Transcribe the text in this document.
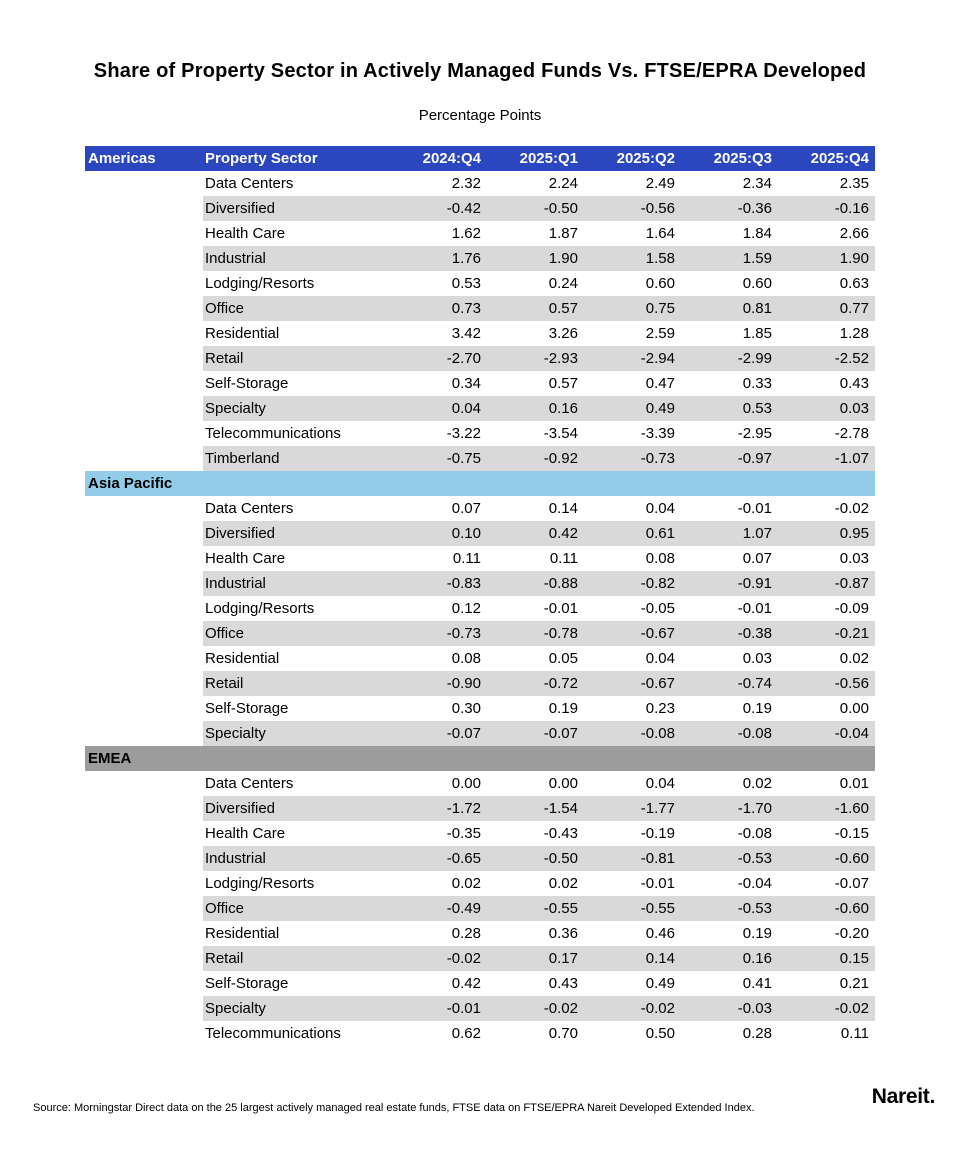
Share of Property Sector in Actively Managed Funds Vs. FTSE/EPRA Developed
Percentage Points
Americas	Property Sector	2024:Q4	2025:Q1	2025:Q2	2025:Q3	2025:Q4
Data Centers	2.32	2.24	2.49	2.34	2.35
Diversified	-0.42	-0.50	-0.56	-0.36	-0.16
Health Care	1.62	1.87	1.64	1.84	2.66
Industrial	1.76	1.90	1.58	1.59	1.90
Lodging/Resorts	0.53	0.24	0.60	0.60	0.63
Office	0.73	0.57	0.75	0.81	0.77
Residential	3.42	3.26	2.59	1.85	1.28
Retail	-2.70	-2.93	-2.94	-2.99	-2.52
Self-Storage	0.34	0.57	0.47	0.33	0.43
Specialty	0.04	0.16	0.49	0.53	0.03
Telecommunications	-3.22	-3.54	-3.39	-2.95	-2.78
Timberland	-0.75	-0.92	-0.73	-0.97	-1.07
Asia Pacific
Data Centers	0.07	0.14	0.04	-0.01	-0.02
Diversified	0.10	0.42	0.61	1.07	0.95
Health Care	0.11	0.11	0.08	0.07	0.03
Industrial	-0.83	-0.88	-0.82	-0.91	-0.87
Lodging/Resorts	0.12	-0.01	-0.05	-0.01	-0.09
Office	-0.73	-0.78	-0.67	-0.38	-0.21
Residential	0.08	0.05	0.04	0.03	0.02
Retail	-0.90	-0.72	-0.67	-0.74	-0.56
Self-Storage	0.30	0.19	0.23	0.19	0.00
Specialty	-0.07	-0.07	-0.08	-0.08	-0.04
EMEA
Data Centers	0.00	0.00	0.04	0.02	0.01
Diversified	-1.72	-1.54	-1.77	-1.70	-1.60
Health Care	-0.35	-0.43	-0.19	-0.08	-0.15
Industrial	-0.65	-0.50	-0.81	-0.53	-0.60
Lodging/Resorts	0.02	0.02	-0.01	-0.04	-0.07
Office	-0.49	-0.55	-0.55	-0.53	-0.60
Residential	0.28	0.36	0.46	0.19	-0.20
Retail	-0.02	0.17	0.14	0.16	0.15
Self-Storage	0.42	0.43	0.49	0.41	0.21
Specialty	-0.01	-0.02	-0.02	-0.03	-0.02
Telecommunications	0.62	0.70	0.50	0.28	0.11
Source: Morningstar Direct data on the 25 largest actively managed real estate funds, FTSE data on FTSE/EPRA Nareit Developed Extended Index.	Nareit.
